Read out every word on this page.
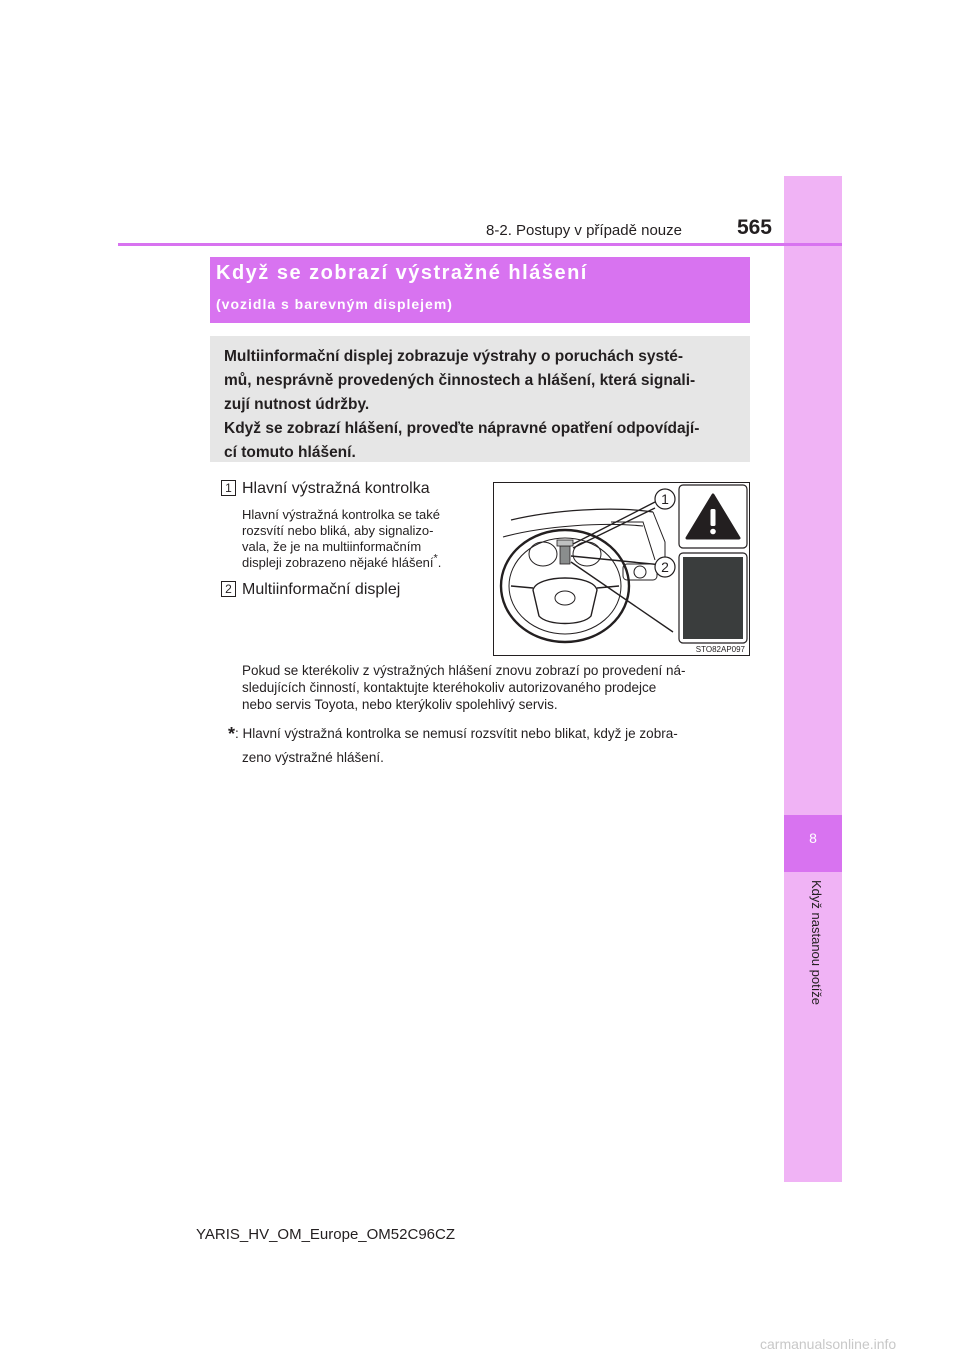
8
Když nastanou potíže
8-2. Postupy v případě nouze	565
Když se zobrazí výstražné hlášení
(vozidla s barevným displejem)

Multiinformační displej zobrazuje výstrahy o poruchách systé-

mů, nesprávně provedených činnostech a hlášení, která signali-

zují nutnost údržby.

Když se zobrazí hlášení, proveďte nápravné opatření odpovídají-

cí tomuto hlášení.

1 Hlavní výstražná kontrolka

Hlavní výstražná kontrolka se také

rozsvítí nebo bliká, aby signalizo-

vala, že je na multiinformačním

displeji zobrazeno nějaké hlášení*.

2 Multiinformační displej
1
2
STO82AP097
Pokud se kterékoliv z výstražných hlášení znovu zobrazí po provedení ná-
sledujících činností, kontaktujte kteréhokoliv autorizovaného prodejce
nebo servis Toyota, nebo kterýkoliv spolehlivý servis.
*: Hlavní výstražná kontrolka se nemusí rozsvítit nebo blikat, když je zobra-
zeno výstražné hlášení.
YARIS_HV_OM_Europe_OM52C96CZ
carmanualsonline.info
